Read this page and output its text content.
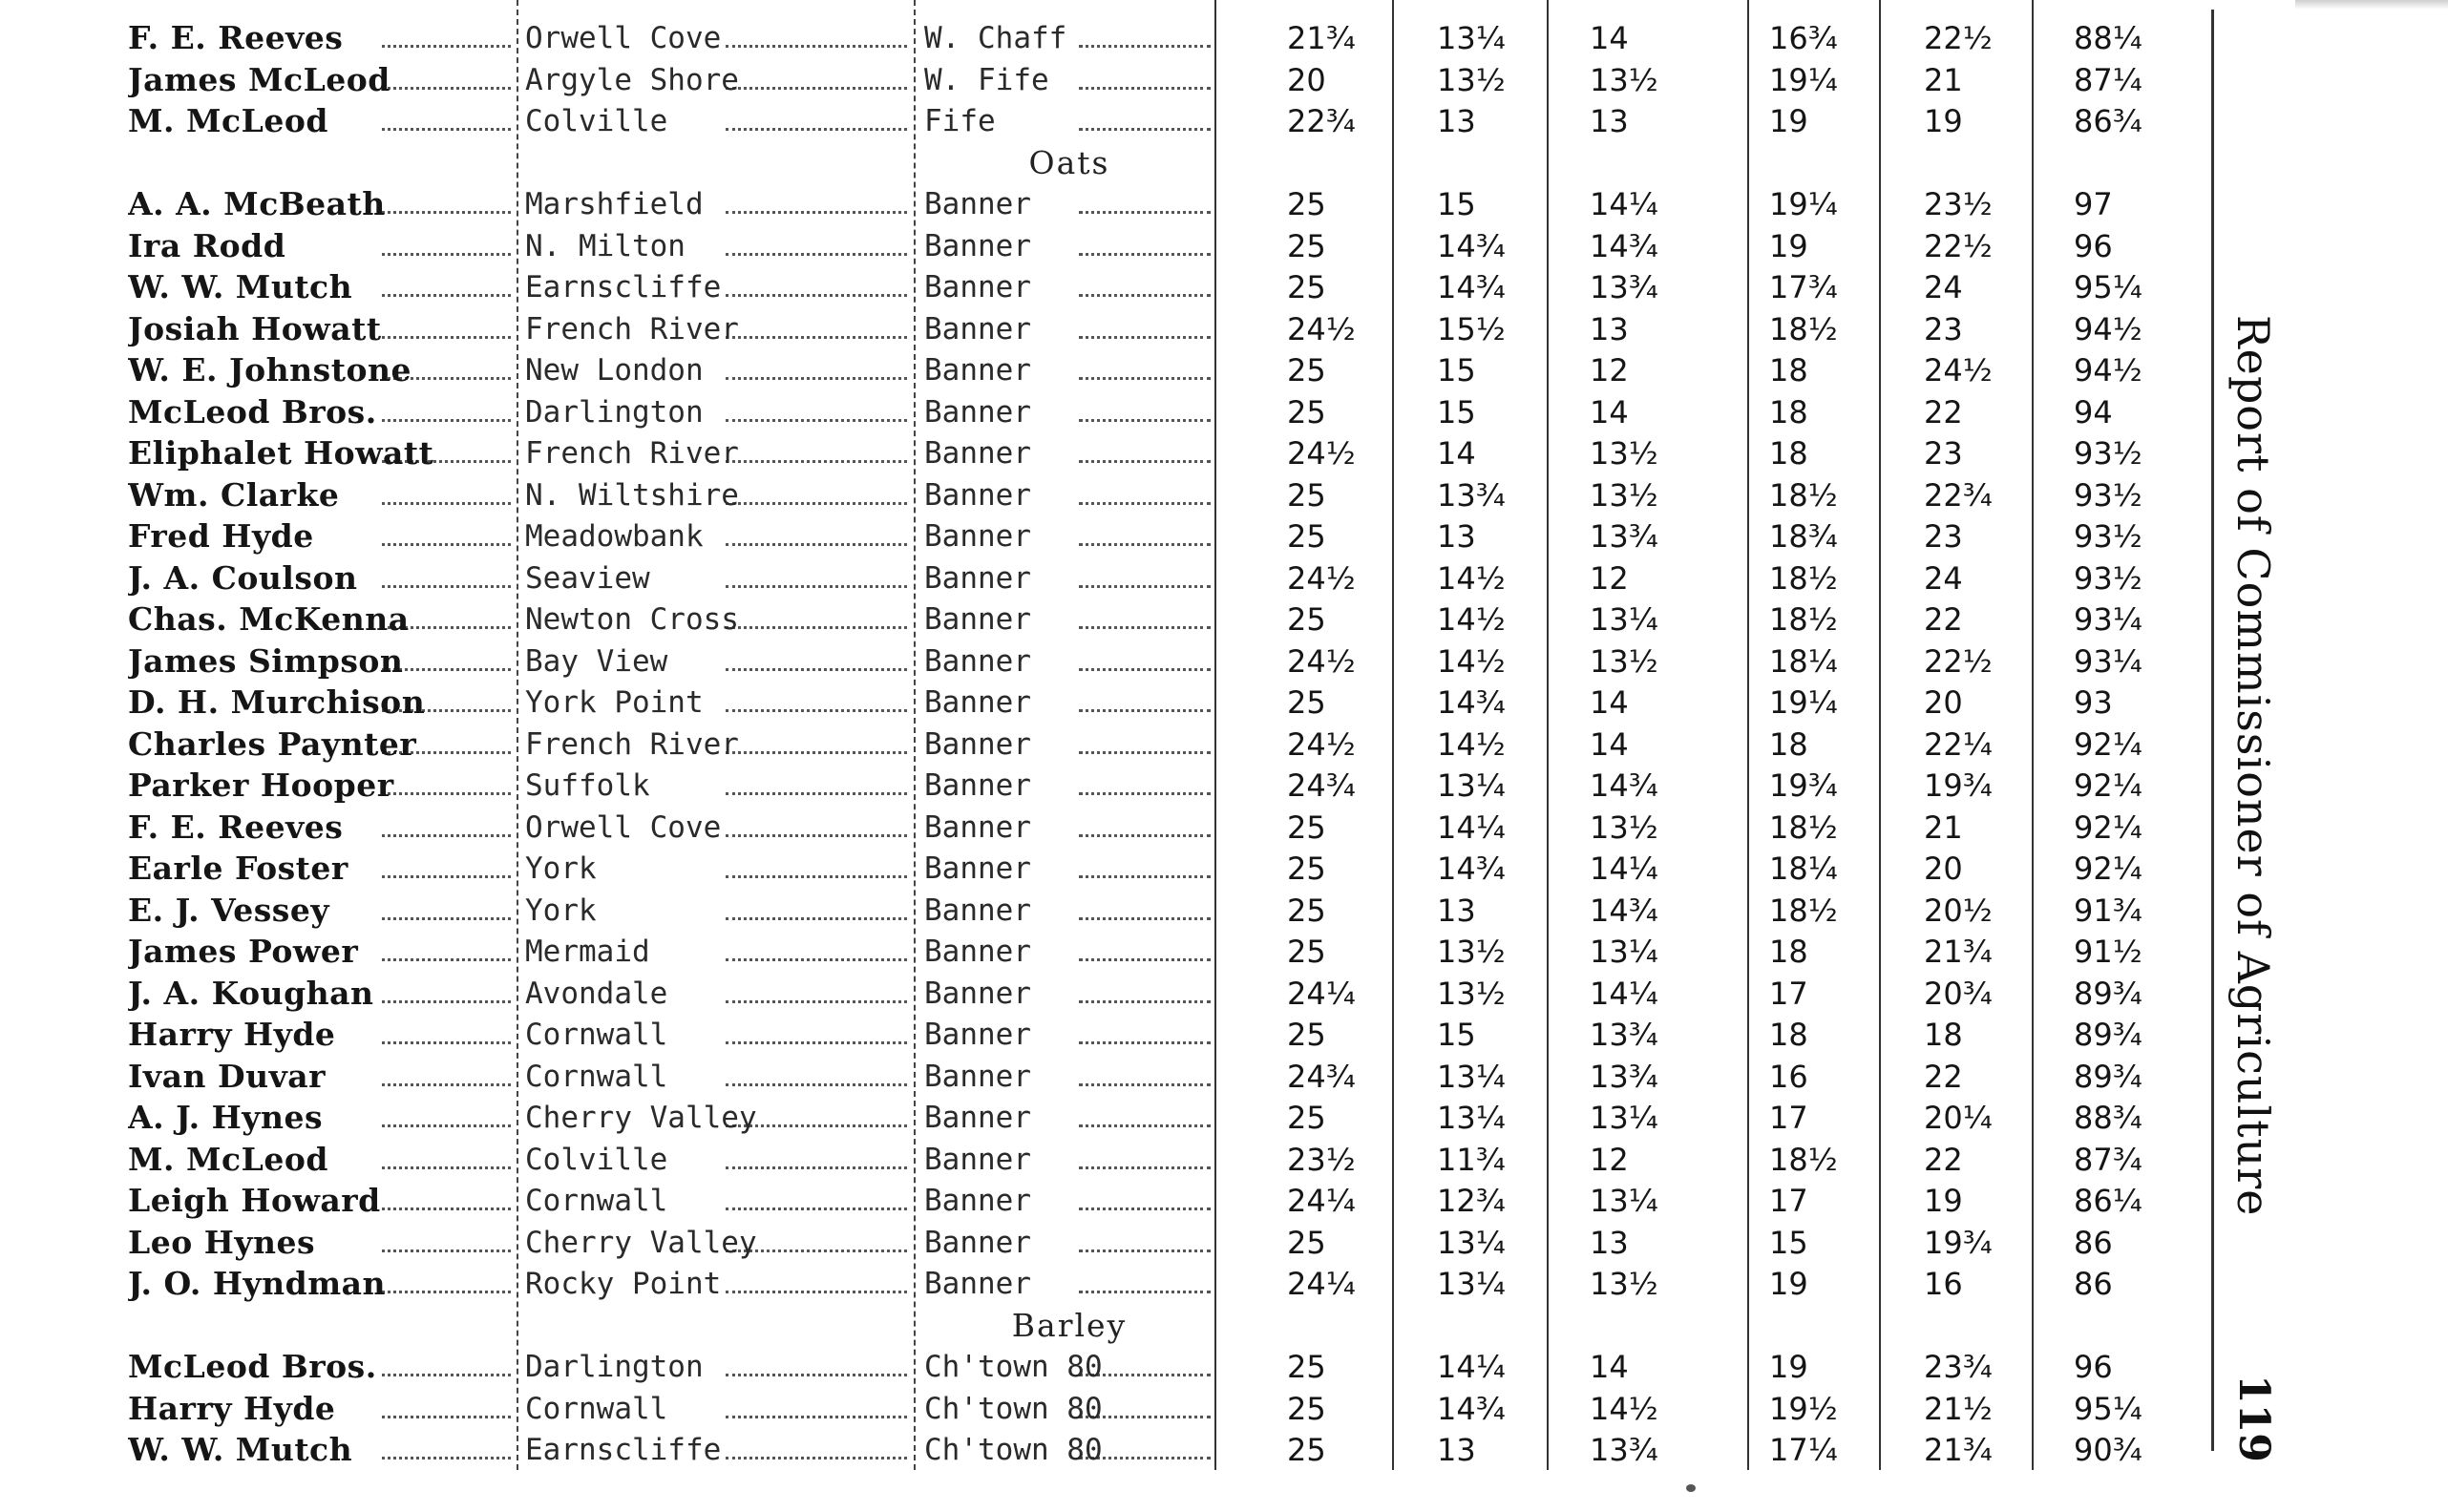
F. E. Reeves	Orwell Cove	W. Chaff	21¾	13¼	14	16¾	22½	88¼
James McLeod	Argyle Shore	W. Fife	20	13½	13½	19¼	21	87¼
M. McLeod	Colville	Fife	22¾	13	13	19	19	86¾
Oats
A. A. McBeath	Marshfield	Banner	25	15	14¼	19¼	23½	97
Ira Rodd	N. Milton	Banner	25	14¾	14¾	19	22½	96
W. W. Mutch	Earnscliffe	Banner	25	14¾	13¾	17¾	24	95¼
Josiah Howatt	French River	Banner	24½	15½	13	18½	23	94½
W. E. Johnstone	New London	Banner	25	15	12	18	24½	94½
McLeod Bros.	Darlington	Banner	25	15	14	18	22	94
Eliphalet Howatt	French River	Banner	24½	14	13½	18	23	93½
Wm. Clarke	N. Wiltshire	Banner	25	13¾	13½	18½	22¾	93½
Fred Hyde	Meadowbank	Banner	25	13	13¾	18¾	23	93½
J. A. Coulson	Seaview	Banner	24½	14½	12	18½	24	93½
Chas. McKenna	Newton Cross	Banner	25	14½	13¼	18½	22	93¼
James Simpson	Bay View	Banner	24½	14½	13½	18¼	22½	93¼
D. H. Murchison	York Point	Banner	25	14¾	14	19¼	20	93
Charles Paynter	French River	Banner	24½	14½	14	18	22¼	92¼
Parker Hooper	Suffolk	Banner	24¾	13¼	14¾	19¾	19¾	92¼
F. E. Reeves	Orwell Cove	Banner	25	14¼	13½	18½	21	92¼
Earle Foster	York	Banner	25	14¾	14¼	18¼	20	92¼
E. J. Vessey	York	Banner	25	13	14¾	18½	20½	91¾
James Power	Mermaid	Banner	25	13½	13¼	18	21¾	91½
J. A. Koughan	Avondale	Banner	24¼	13½	14¼	17	20¾	89¾
Harry Hyde	Cornwall	Banner	25	15	13¾	18	18	89¾
Ivan Duvar	Cornwall	Banner	24¾	13¼	13¾	16	22	89¾
A. J. Hynes	Cherry Valley	Banner	25	13¼	13¼	17	20¼	88¾
M. McLeod	Colville	Banner	23½	11¾	12	18½	22	87¾
Leigh Howard	Cornwall	Banner	24¼	12¾	13¼	17	19	86¼
Leo Hynes	Cherry Valley	Banner	25	13¼	13	15	19¾	86
J. O. Hyndman	Rocky Point	Banner	24¼	13¼	13½	19	16	86
Barley
McLeod Bros.	Darlington	Ch'town 80	25	14¼	14	19	23¾	96
Harry Hyde	Cornwall	Ch'town 80	25	14¾	14½	19½	21½	95¼
W. W. Mutch	Earnscliffe	Ch'town 80	25	13	13¾	17¼	21¾	90¾
Report of Commissioner of Agriculture
119
